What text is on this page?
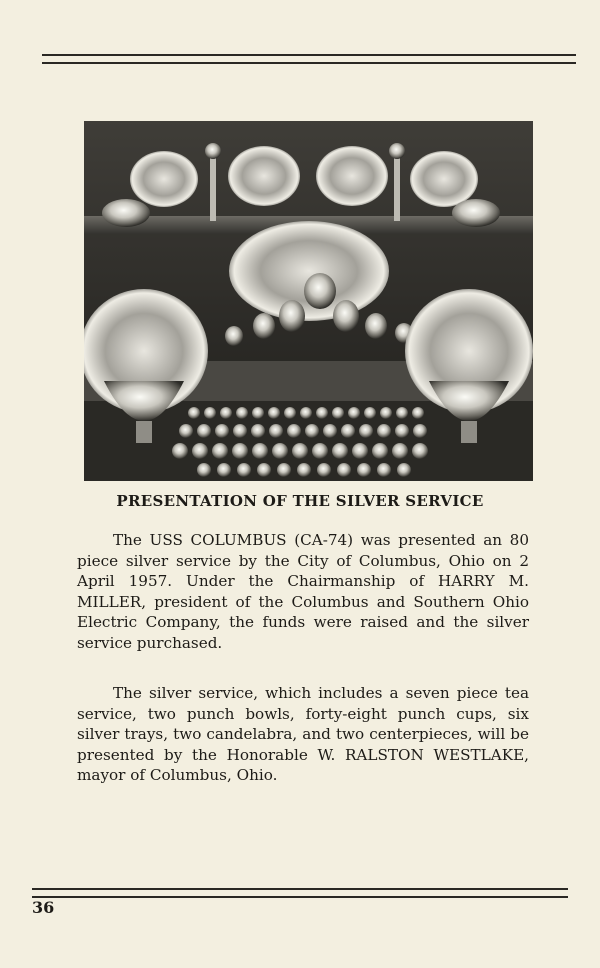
PRESENTATION OF THE SILVER SERVICE

The USS COLUMBUS (CA-74) was presented an 80 piece silver service by the City of Columbus, Ohio on 2 April 1957. Under the Chairmanship of HARRY M. MILLER, president of the Columbus and Southern Ohio Electric Company, the funds were raised and the silver service purchased.

The silver service, which includes a seven piece tea service, two punch bowls, forty-eight punch cups, six silver trays, two candelabra, and two centerpieces, will be presented by the Honorable W. RALSTON WESTLAKE, mayor of Columbus, Ohio.

36
